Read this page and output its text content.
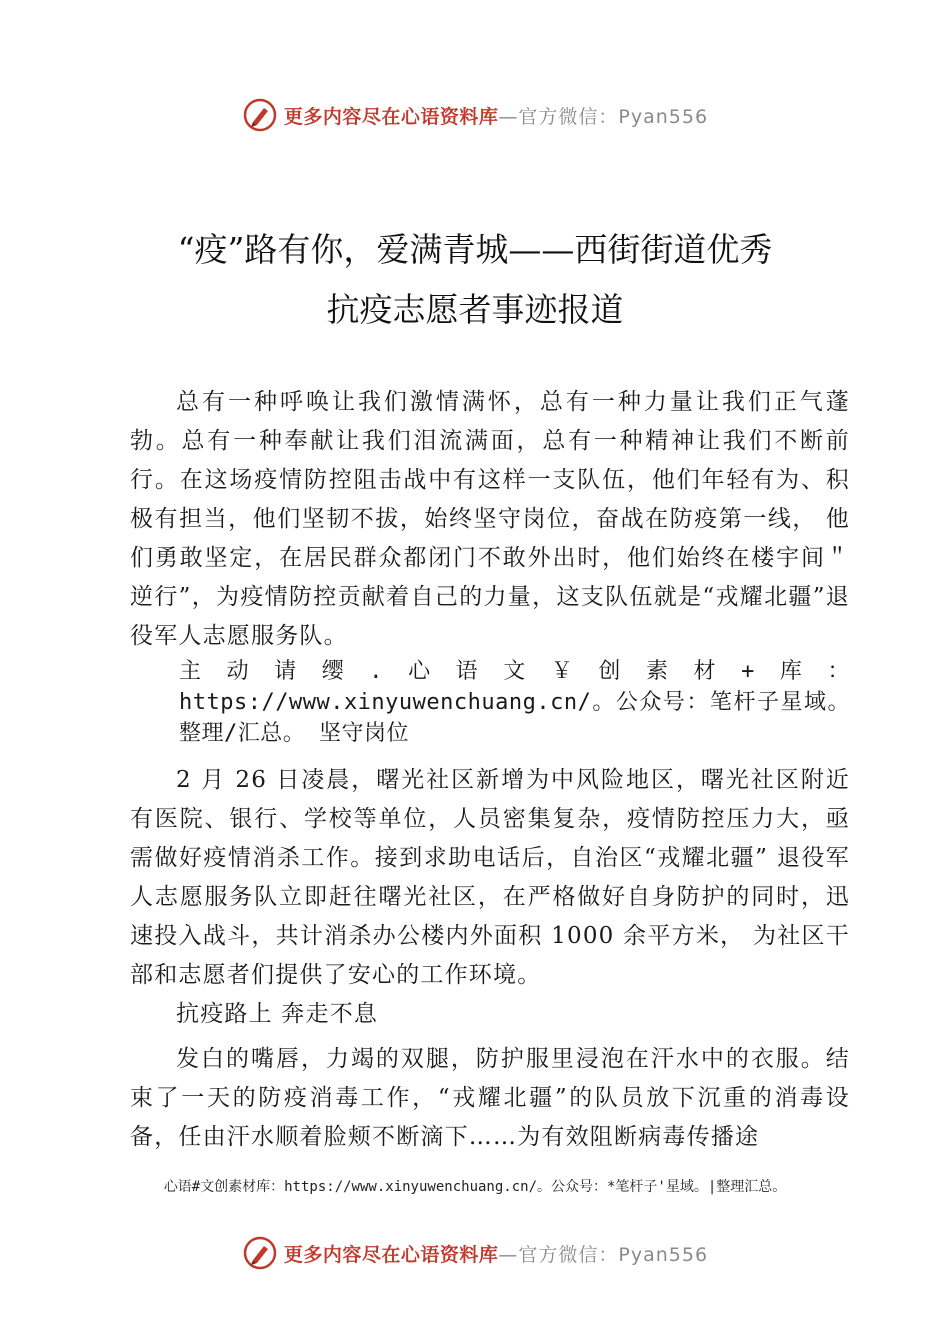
更多内容尽在心语资料库 —官方微信：Pyan556
“疫”路有你，爱满青城——西街街道优秀
抗疫志愿者事迹报道

总有一种呼唤让我们激情满怀，总有一种力量让我们正气蓬勃。总有一种奉献让我们泪流满面，总有一种精神让我们不断前行。在这场疫情防控阻击战中有这样一支队伍，他们年轻有为、积极有担当，他们坚韧不拔，始终坚守岗位，奋战在防疫第一线， 他们勇敢坚定，在居民群众都闭门不敢外出时，他们始终在楼宇间＂逆行”，为疫情防控贡献着自己的力量，这支队伍就是“戎耀北疆”退役军人志愿服务队。

主动请缨.心语文￥创素材+库：https://www.xinyuwenchuang.cn/。公众号：笔杆子星域。整理/汇总。 坚守岗位

2 月 26 日凌晨，曙光社区新增为中风险地区，曙光社区附近有医院、银行、学校等单位，人员密集复杂，疫情防控压力大，亟需做好疫情消杀工作。接到求助电话后，自治区“戎耀北疆” 退役军人志愿服务队立即赶往曙光社区，在严格做好自身防护的同时，迅速投入战斗，共计消杀办公楼内外面积 1000 余平方米， 为社区干部和志愿者们提供了安心的工作环境。

抗疫路上 奔走不息

发白的嘴唇，力竭的双腿，防护服里浸泡在汗水中的衣服。结束了一天的防疫消毒工作，“戎耀北疆”的队员放下沉重的消毒设备，任由汗水顺着脸颊不断滴下……为有效阻断病毒传播途

心语#文创素材库：https://www.xinyuwenchuang.cn/。公众号：*笔杆子'星域。|整理汇总。
更多内容尽在心语资料库 —官方微信：Pyan556
